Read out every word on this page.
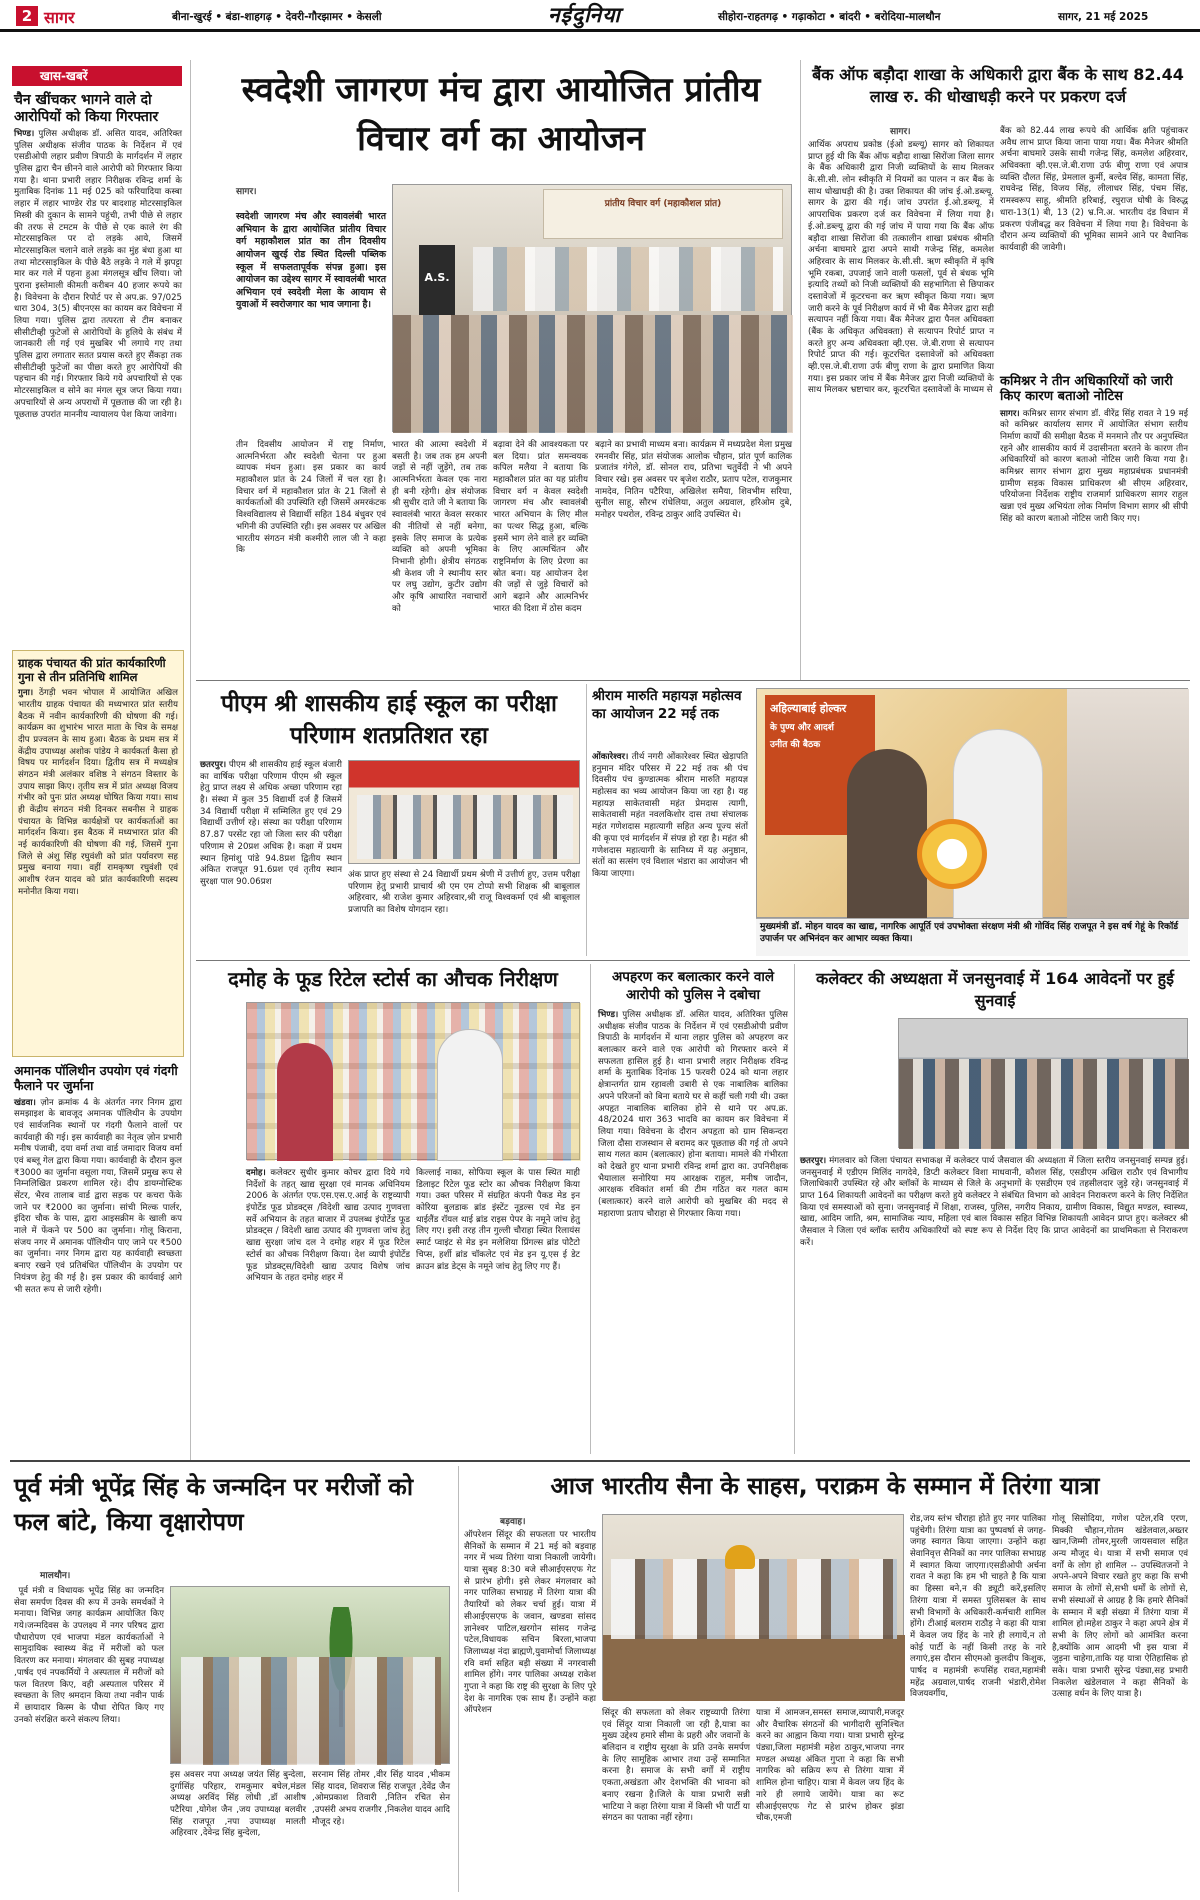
2 सागर	बीना-खुरई • बंडा-शाहगढ़ • देवरी-गौरझामर • केसली	नईदुनिया	सीहोरा-राहतगढ़ • गढ़ाकोटा • बांदरी • बरोदिया-मालथौन	सागर, 21 मई 2025
खास-खबरें
चैन खींचकर भागने वाले दो आरोपियों को किया गिरफ्तार
भिण्ड। पुलिस अधीक्षक डॉ. असित यादव, अतिरिक्त पुलिस अधीक्षक संजीव पाठक के निर्देशन में एवं एसडीओपी लहार प्रवीण त्रिपाठी के मार्गदर्शन में लहार पुलिस द्वारा चैन छीनने वाले आरोपी को गिरफ्तार किया गया है। थाना प्रभारी लहार निरीक्षक रविन्द्र शर्मा के मुताबिक दिनांक 11 मई 025 को फरियादिया कस्बा लहार में लहार भाण्डेर रोड पर बादशाह मोटरसाइकिल मिस्त्री की दुकान के सामने पहुंची, तभी पीछे से लहार की तरफ से टमटम के पीछे से एक काले रंग की मोटरसाइकिल पर दो लड़के आये, जिसमें मोटरसाइकिल चलाने वाले लड़के का मुंह बंधा हुआ था तथा मोटरसाइकिल के पीछे बैठे लड़के ने गले में झपट्टा मार कर गले में पहना हुआ मंगलसूत्र खींच लिया। जो पुराना इस्तेमाली कीमती करीबन 40 हजार रूपये का है। विवेचना के दौरान रिपोर्ट पर से अप.क्र. 97/025 धारा 304, 3(5) बीएनएस का कायम कर विवेचना में लिया गया। पुलिस द्वारा तत्परता से टीम बनाकर सीसीटीव्ही फुटेजों से आरोपियों के हुलिये के संबंध में जानकारी ली गई एवं मुखबिर भी लगाये गए तथा पुलिस द्वारा लगातार सतत प्रयास करते हुए सैंकड़ा तक सीसीटीव्ही फुटेजों का पीछा करते हुए आरोपियों की पहचान की गई। गिरफ्तार किये गये अपचारियों से एक मोटरसाइकिल व सोने का मंगल सूत्र जप्त किया गया। अपचारियों से अन्य अपराधों में पूछताछ की जा रही है। पूछताछ उपरांत माननीय न्यायालय पेश किया जावेगा।
ग्राहक पंचायत की प्रांत कार्यकारिणी गुना से तीन प्रतिनिधि शामिल
गुना। ठेंगड़ी भवन भोपाल में आयोजित अखिल भारतीय ग्राहक पंचायत की मध्यभारत प्रांत स्तरीय बैठक में नवीन कार्यकारिणी की घोषणा की गई। कार्यक्रम का शुभारंभ भारत माता के चित्र के समक्ष दीप प्रज्वलन के साथ हुआ। बैठक के प्रथम सत्र में केंद्रीय उपाध्यक्ष अशोक पांडेय ने कार्यकर्ता कैसा हो विषय पर मार्गदर्शन दिया। द्वितीय सत्र में मध्यक्षेत्र संगठन मंत्री अलंकार वशिष्ठ ने संगठन विस्तार के उपाय साझा किए। तृतीय सत्र में प्रांत अध्यक्ष विजय गंभीर को पुनः प्रांत अध्यक्ष घोषित किया गया। साथ ही केंद्रीय संगठन मंत्री दिनकर सबनीस ने ग्राहक पंचायत के विभिन्न कार्यक्षेत्रों पर कार्यकर्ताओं का मार्गदर्शन किया। इस बैठक में मध्यभारत प्रांत की नई कार्यकारिणी की घोषणा की गई, जिसमें गुना जिले से अंशु सिंह रघुवंशी को प्रांत पर्यावरण सह प्रमुख बनाया गया। वहीं रामकृष्ण रघुवंशी एवं आशीष रंजन यादव को प्रांत कार्यकारिणी सदस्य मनोनीत किया गया।
अमानक पॉलिथीन उपयोग एवं गंदगी फैलाने पर जुर्माना
खंडवा। ज़ोन क्रमांक 4 के अंतर्गत नगर निगम द्वारा समझाइश के बावजूद अमानक पॉलिथीन के उपयोग एवं सार्वजनिक स्थानों पर गंदगी फैलाने वालों पर कार्यवाही की गई। इस कार्यवाही का नेतृत्व ज़ोन प्रभारी मनीष पंजाबी, दया वर्मा तथा वार्ड जमादार विजय वर्मा एवं बब्लू गेल द्वारा किया गया। कार्यवाही के दौरान कुल ₹3000 का जुर्माना वसूला गया, जिसमें प्रमुख रूप से निम्नलिखित प्रकरण शामिल रहे। दीप डायग्नोस्टिक सेंटर, भैरव तालाब वार्ड द्वारा सड़क पर कचरा फेंके जाने पर ₹2000 का जुर्माना। सांची मिल्क पार्लर, इंदिरा चौक के पास, द्वारा आइसक्रीम के खाली कप नाले में फेंकने पर 500 का जुर्माना। गोलू किराना, संजय नगर में अमानक पॉलिथीन पाए जाने पर ₹500 का जुर्माना। नगर निगम द्वारा यह कार्यवाही स्वच्छता बनाए रखने एवं प्रतिबंधित पॉलिथीन के उपयोग पर नियंत्रण हेतु की गई है। इस प्रकार की कार्यवाई आगे भी सतत रूप से जारी रहेगी।
स्वदेशी जागरण मंच द्वारा आयोजित प्रांतीय विचार वर्ग का आयोजन
सागर।
स्वदेशी जागरण मंच और स्वावलंबी भारत अभियान के द्वारा आयोजित प्रांतीय विचार वर्ग महाकौशल प्रांत का तीन दिवसीय आयोजन खुरई रोड स्थित दिल्ली पब्लिक स्कूल में सफलतापूर्वक संपन्न हुआ। इस आयोजन का उद्देश्य सागर में स्वावलंबी भारत अभियान एवं स्वदेशी मेला के आयाम से युवाओं में स्वरोजगार का भाव जगाना है।
प्रांतीय विचार वर्ग (महाकौशल प्रांत)
A.S.
तीन दिवसीय आयोजन में राष्ट्र निर्माण, आत्मनिर्भरता और स्वदेशी चेतना पर हुआ व्यापक मंथन हुआ। इस प्रकार का कार्य महाकौशल प्रांत के 24 जिलों में चल रहा है। विचार वर्ग में महाकौशल प्रांत के 21 जिलों से कार्यकर्ताओं की उपस्थिति रही जिसमें अमरकंटक विश्वविद्यालय से विद्यार्थी सहित 184 बंधुवर एवं भगिनी की उपस्थिति रही। इस अवसर पर अखिल भारतीय संगठन मंत्री कश्मीरी लाल जी ने कहा कि
भारत की आत्मा स्वदेशी में बसती है। जब तक हम अपनी जड़ों से नहीं जुड़ेंगे, तब तक आत्मनिर्भरता केवल एक नारा ही बनी रहेगी। क्षेत्र संयोजक श्री सुधीर दाते जी ने बताया कि स्वावलंबी भारत केवल सरकार की नीतियों से नहीं बनेगा, इसके लिए समाज के प्रत्येक व्यक्ति को अपनी भूमिका निभानी होगी। क्षेत्रीय संगठक श्री केशव जी ने स्थानीय स्तर पर लघु उद्योग, कुटीर उद्योग और कृषि आधारित नवाचारों को
बढ़ावा देने की आवश्यकता पर बल दिया। प्रांत समन्वयक कपिल मलैया ने बताया कि महाकौशल प्रांत का यह प्रांतीय विचार वर्ग न केवल स्वदेशी जागरण मंच और स्वावलंबी भारत अभियान के लिए मील का पत्थर सिद्ध हुआ, बल्कि इसमें भाग लेने वाले हर व्यक्ति के लिए आत्मचिंतन और राष्ट्रनिर्माण के लिए प्रेरणा का स्रोत बना। यह आयोजन देश की जड़ों से जुड़े विचारों को आगे बढ़ाने और आत्मनिर्भर भारत की दिशा में ठोस कदम
बढ़ाने का प्रभावी माध्यम बना। कार्यक्रम में मध्यप्रदेश मेला प्रमुख रमनवीर सिंह, प्रांत संयोजक आलोक चौहान, प्रांत पूर्ण कालिक प्रजातंत्र गंगेले, डॉ. सोनल राय, प्रतिभा चतुर्वेदी ने भी अपने विचार रखे। इस अवसर पर बृजेश राठौर, प्रताप पटेल, राजकुमार नामदेव, नितिन पटैरिया, अखिलेश समैया, शिवभीम सरिया, सुनील साहू, सौरभ रांधेलिया, अतुल अग्रवाल, हरिओम दुबे, मनोहर पथरोल, रविन्द्र ठाकुर आदि उपस्थित थे।
बैंक ऑफ बड़ौदा शाखा के अधिकारी द्वारा बैंक के साथ 82.44 लाख रु. की धोखाधड़ी करने पर प्रकरण दर्ज
सागर।
आर्थिक अपराध प्रकोष्ठ (ईओ डब्ल्यू) सागर को शिकायत प्राप्त हुई थी कि बैंक ऑफ बड़ौदा शाखा सिरोंजा जिला सागर के बैंक अधिकारी द्वारा निजी व्यक्तियों के साथ मिलकर के.सी.सी. लोन स्वीकृति में नियमों का पालन न कर बैंक के साथ धोखाधड़ी की है। उक्त शिकायत की जांच ई.ओ.डब्ल्यू. सागर के द्वारा की गई। जांच उपरांत ई.ओ.डब्ल्यू. में आपराधिक प्रकरण दर्ज कर विवेचना में लिया गया है। ई.ओ.डब्ल्यू द्वारा की गई जांच में पाया गया कि बैंक ऑफ बड़ौदा शाखा सिरोंजा की तत्कालीन शाखा प्रबंधक श्रीमति अर्चना बाघमारे द्वारा अपने साथी गजेन्द्र सिंह, कमलेश अहिरवार के साथ मिलकर के.सी.सी. ऋण स्वीकृति में कृषि भूमि रकबा, उपजाई जाने वाली फसलों, पूर्व से बंधक भूमि इत्यादि तथ्यों को निजी व्यक्तियों की सहभागिता से छिपाकर दस्तावेजों में कूटरचना कर ऋण स्वीकृत किया गया। ऋण जारी करने के पूर्व निरीक्षण कार्य में भी बैंक मैनेजर द्वारा सही सत्यापन नहीं किया गया। बैंक मैनेजर द्वारा पैनल अधिवक्ता (बैंक के अधिकृत अधिवक्ता) से सत्यापन रिपोर्ट प्राप्त न करते हुए अन्य अधिवक्ता व्ही.एस. जे.बी.राणा से सत्यापन रिपोर्ट प्राप्त की गई। कूटरचित दस्तावेजों को अधिवक्ता व्ही.एस.जे.बी.राणा उर्फ बीणु राणा के द्वारा प्रमाणित किया गया। इस प्रकार जांच में बैंक मैनेजर द्वारा निजी व्यक्तियों के साथ मिलकर भ्रष्टाचार कर, कूटरचित दस्तावेजों के माध्यम से
बैंक को 82.44 लाख रूपये की आर्थिक क्षति पहुंचाकर अवैध लाभ प्राप्त किया जाना पाया गया। बैंक मैनेजर श्रीमति अर्चना बाघमारे उसके साथी गजेन्द्र सिंह, कमलेश अहिरवार, अधिवक्ता व्ही.एस.जे.बी.राणा उर्फ बीणु राणा एवं अपात्र व्यक्ति दौलत सिंह, प्रेमलाल कुर्मी, बल्देव सिंह, कामता सिंह, राघवेन्द्र सिंह, विजय सिंह, लीलाधर सिंह, पंचम सिंह, रामस्वरूप साहू, श्रीमति हरिबाई, रघुराज घोषी के विरुद्ध धारा-13(1) बी, 13 (2) भ्र.नि.अ. भारतीय दंड विधान में प्रकरण पंजीबद्ध कर विवेचना में लिया गया है। विवेचना के दौरान अन्य व्यक्तियों की भूमिका सामने आने पर वैधानिक कार्यवाही की जावेगी।
कमिश्नर ने तीन अधिकारियों को जारी किए कारण बताओ नोटिस
सागर। कमिश्नर सागर संभाग डॉ. वीरेंद्र सिंह रावत ने 19 मई को कमिश्नर कार्यालय सागर में आयोजित संभाग स्तरीय निर्माण कार्यों की समीक्षा बैठक में मनमाने तौर पर अनुपस्थित रहने और शासकीय कार्य में उदासीनता बरतने के कारण तीन अधिकारियों को कारण बताओ नोटिस जारी किया गया है। कमिश्नर सागर संभाग द्वारा मुख्य महाप्रबंधक प्रधानमंत्री ग्रामीण सड़क विकास प्राधिकरण श्री सीएम अहिरवार, परियोजना निर्देशक राष्ट्रीय राजमार्ग प्राधिकरण सागर राहुल खन्ना एवं मुख्य अभियंता लोक निर्माण विभाग सागर श्री सीपी सिंह को कारण बताओ नोटिस जारी किए गए।
पीएम श्री शासकीय हाई स्कूल का परीक्षा परिणाम शतप्रतिशत रहा
छतरपुर। पीएम श्री शासकीय हाई स्कूल बंजारी का वार्षिक परीक्षा परिणाम पीएम श्री स्कूल हेतु प्राप्त लक्ष्य से अधिक अच्छा परिणाम रहा है। संस्था में कुल 35 विद्यार्थी दर्ज हैं जिसमें 34 विद्यार्थी परीक्षा में सम्मिलित हुए एवं 29 विद्यार्थी उत्तीर्ण रहे। संस्था का परीक्षा परिणाम 87.87 परसेंट रहा जो जिला स्तर की परीक्षा परिणाम से 20प्रश अधिक है। कक्षा में प्रथम स्थान हिमांशु पांडे 94.8प्रश द्वितीय स्थान अंकित राजपूत 91.6प्रश एवं तृतीय स्थान सुरक्षा पाल 90.06प्रश
अंक प्राप्त हुए संस्था से 24 विद्यार्थी प्रथम श्रेणी में उत्तीर्ण हुए, उत्तम परीक्षा परिणाम हेतु प्रभारी प्राचार्य श्री एम एम टोप्पो सभी शिक्षक श्री बाबूलाल अहिरवार, श्री राजेश कुमार अहिरवार,श्री राजू विश्वकर्मा एवं श्री बाबूलाल प्रजापति का विशेष योगदान रहा।
श्रीराम मारुति महायज्ञ महोत्सव का आयोजन 22 मई तक
ओंकारेश्वर। तीर्थ नगरी ओंकारेश्वर स्थित खेड़ापति हनुमान मंदिर परिसर में 22 मई तक श्री पंच दिवसीय पंच कुण्डात्मक श्रीराम मारुति महायज्ञ महोत्सव का भव्य आयोजन किया जा रहा है। यह महायज्ञ साकेतवासी महंत प्रेमदास त्यागी, साकेतवासी महंत नवलकिशोर दास तथा संचालक महंत गणेशदास महात्यागी सहित अन्य पूज्य संतों की कृपा एवं मार्गदर्शन में संपन्न हो रहा है। महंत श्री गणेशदास महात्यागी के सानिध्य में यह अनुष्ठान, संतों का सत्संग एवं विशाल भंडारा का आयोजन भी किया जाएगा।
अहिल्याबाई होल्कर
के पुण्य और आदर्श
उनीत की बैठक
मुख्यमंत्री डॉ. मोहन यादव का खाद्य, नागरिक आपूर्ति एवं उपभोक्ता संरक्षण मंत्री श्री गोविंद सिंह राजपूत ने इस वर्ष गेहूं के रिकॉर्ड उपार्जन पर अभिनंदन कर आभार व्यक्त किया।
दमोह के फूड रिटेल स्टोर्स का औचक निरीक्षण
दमोह। कलेक्टर सुधीर कुमार कोचर द्वारा दिये गये निर्देशों के तहत् खाद्य सुरक्षा एवं मानक अधिनियम 2006 के अंतर्गत एफ.एस.एस.ए.आई के राष्ट्रव्यापी इंपोर्टेड फूड प्रोडक्ट्स /विदेशी खाद्य उत्पाद गुणवत्ता सर्वे अभियान के तहत बाजार में उपलब्ध इंपोर्टेड फूड प्रोडक्ट्स / विदेशी खाद्य उत्पाद की गुणवत्ता जांच हेतु खाद्य सुरक्षा जांच दल ने दमोह शहर में फूड रिटेल स्टोर्स का औचक निरीक्षण किया। देश व्यापी इंपोर्टेड फूड प्रोडक्ट्स/विदेशी खाद्य उत्पाद विशेष जांच अभियान के तहत दमोह शहर में
किल्लाई नाका, सोफिया स्कूल के पास स्थित माही डिलाइट रिटेल फूड स्टोर का औचक निरीक्षण किया गया। उक्त परिसर में संग्रहित कंपनी पैकड मेड इन कोरिया बुलडाक ब्रांड इंस्टेंट नूडल्स एवं मेड इन थाईलैंड रॉयल थाई ब्रांड राइस पेपर के नमूने जांच हेतु लिए गए। इसी तरह तीन गुल्ली चौराहा स्थित रिलायंस स्मार्ट प्वाइंट से मेड इन मलेशिया प्रिंगल्स ब्रांड पोटैटो चिप्स, हर्शी ब्रांड चॉकलेट एवं मेड इन यू.एस ई डेट क्राउन ब्रांड डेट्स के नमूने जांच हेतु लिए गए हैं।
अपहरण कर बलात्कार करने वाले आरोपी को पुलिस ने दबोचा
भिण्ड। पुलिस अधीक्षक डॉ. असित यादव, अतिरिक्त पुलिस अधीक्षक संजीव पाठक के निर्देशन में एवं एसडीओपी प्रवीण त्रिपाठी के मार्गदर्शन में थाना लहार पुलिस को अपहरण कर बलात्कार करने वाले एक आरोपी को गिरफ्तार करने में सफलता हासिल हुई है। थाना प्रभारी लहार निरीक्षक रविन्द्र शर्मा के मुताबिक दिनांक 15 फरवरी 024 को थाना लहार क्षेत्रान्तर्गत ग्राम रहावली उबारी से एक नाबालिक बालिका अपने परिजनों को बिना बताये घर से कहीं चली गयी थी। उक्त अपहृत नाबालिक बालिका होने से थाने पर अप.क्र. 48/2024 धारा 363 भादवि का कायम कर विवेचना में लिया गया। विवेचना के दौरान अपहृता को ग्राम सिकन्दरा जिला दौसा राजस्थान से बरामद कर पूछताछ की गई तो अपने साथ गलत काम (बलात्कार) होना बताया। मामले की गंभीरता को देखते हुए थाना प्रभारी रविन्द्र शर्मा द्वारा का. उपनिरीक्षक भैयालाल सनोरिया मय आरक्षक राहुल, मनीष जादौन, आरक्षक रविकांत शर्मा की टीम गठित कर गलत काम (बलात्कार) करने वाले आरोपी को मुखबिर की मदद से महाराणा प्रताप चौराहा से गिरफ्तार किया गया।
कलेक्टर की अध्यक्षता में जनसुनवाई में 164 आवेदनों पर हुई सुनवाई
छतरपुर। मंगलवार को जिला पंचायत सभाकक्ष में कलेक्टर पार्थ जैसवाल की अध्यक्षता में जिला स्तरीय जनसुनवाई सम्पन्न हुई। जनसुनवाई में एडीएम मिलिंद नागदेवे, डिप्टी कलेक्टर विशा माधवानी, कौशल सिंह, एसडीएम अखिल राठौर एवं विभागीय जिलाधिकारी उपस्थित रहे और ब्लॉकों के माध्यम से जिले के अनुभागों के एसडीएम एवं तहसीलदार जुड़े रहे। जनसुनवाई में प्राप्त 164 शिकायती आवेदनों का परीक्षण करते हुये कलेक्टर ने संबंधित विभाग को आवेदन निराकरण करने के लिए निर्देशित किया एवं समस्याओं को सुना। जनसुनवाई में शिक्षा, राजस्व, पुलिस, नगरीय निकाय, ग्रामीण विकास, विद्युत मण्डल, स्वास्थ्य, खाद्य, आदिम जाति, श्रम, सामाजिक न्याय, महिला एवं बाल विकास सहित विभिन्न शिकायती आवेदन प्राप्त हुए। कलेक्टर श्री जैसवाल ने जिला एवं ब्लॉक स्तरीय अधिकारियों को स्पष्ट रूप से निर्देश दिए कि प्राप्त आवेदनों का प्राथमिकता से निराकरण करें।
पूर्व मंत्री भूपेंद्र सिंह के जन्मदिन पर मरीजों को फल बांटे, किया वृक्षारोपण
मालथौन।
पूर्व मंत्री व विधायक भूपेंद्र सिंह का जन्मदिन सेवा समर्पण दिवस की रूप में उनके समर्थकों ने मनाया। विभिन्न जगह कार्यक्रम आयोजित किए गये।जन्मदिवस के उपलक्ष्य में नगर परिषद द्वारा पौधारोपण एवं भाजपा मंडल कार्यकर्ताओं ने सामुदायिक स्वास्थ्य केंद्र में मरीजों को फल वितरण कर मनाया। मंगलवार की सुबह नपाध्यक्ष ,पार्षद एवं नपकर्मियों ने अस्पताल में मरीजों को फल वितरण किए, वही अस्पताल परिसर में स्वच्छता के लिए श्रमदान किया तथा नवीन पार्क में छायादार किस्म के पौधा रोपित किए गए उनको संरक्षित करने संकल्प लिया।
इस अवसर नपा अध्यक्ष जयंत सिंह बुन्देला, दुर्गासिंह परिहार, रामकुमार बघेल,मंडल अध्यक्ष अरविंद सिंह लोधी ,डॉ आशीष पटैरिया ,योगेश जैन ,जय उपाध्यक्ष बलवीर सिंह राजपूत ,नपा उपाध्यक्ष मालती अहिरवार ,देवेन्द्र सिंह बुन्देला,
सरनाम सिंह तोमर ,वीर सिंह यादव ,भीकम सिंह यादव, शिवराज सिंह राजपूत ,देवेंद्र जैन ,ओमप्रकाश तिवारी ,नितिन रचित सेन ,उपसंरी अभय राजगीर ,निकलेश यादव आदि मौजूद रहे।
आज भारतीय सैना के साहस, पराक्रम के सम्मान में तिरंगा यात्रा
बड़वाह।
ऑपरेशन सिंदूर की सफलता पर भारतीय सैनिकों के सम्मान में 21 मई को बड़वाह नगर में भव्य तिरंगा यात्रा निकाली जायेगी। यात्रा सुबह 8:30 बजे सीआईएसएफ गेट से प्रारंभ होगी। इसे लेकर मंगलवार को नगर पालिका सभाग्रह में तिरंगा यात्रा की तैयारियों को लेकर चर्चा हुई। यात्रा में सीआईएसएफ के जवान, खण्डवा सांसद ज्ञानेश्वर पाटिल,खरगोन सांसद गजेन्द्र पटेल,विधायक सचिन बिरला,भाजपा जिलाध्यक्ष नंदा ब्राह्मणे,युवामोर्चा जिलाध्यक्ष रवि वर्मा सहित बड़ी संख्या में नगरवासी शामिल होंगे। नगर पालिका अध्यक्ष राकेश गुप्ता ने कहा कि राष्ट्र की सुरक्षा के लिए पूरे देश के नागरिक एक साथ हैं। उन्होंने कहा ऑपरेशन	सिंदूर की सफलता को लेकर राष्ट्रव्यापी तिरंगा एवं सिंदूर यात्रा निकाली जा रही है,यात्रा का मुख्य उद्देश्य हमारे सीमा के प्रहरी और जवानों के बलिदान व राष्ट्रीय सुरक्षा के प्रति उनके समर्पण के लिए सामूहिक आभार तथा उन्हें सम्मानित करना है। समाज के सभी वर्गों में राष्ट्रीय एकता,अखंडता और देशभक्ति की भावना को बनाए रखना है।जिले के यात्रा प्रभारी सन्नी भाटिया ने कहा तिरंगा यात्रा में किसी भी पार्टी या संगठन का पताका नहीं रहेगा।
यात्रा में आमजन,समस्त समाज,व्यापारी,मजदूर और वैचारिक संगठनों की भागीदारी सुनिश्चित करने का आह्वान किया गया। यात्रा प्रभारी सुरेन्द्र पंड्या,जिला महामंत्री महेश ठाकुर,भाजपा नगर मण्डल अध्यक्ष अंकित गुप्ता ने कहा कि सभी नागरिक को सक्रिय रूप से तिरंगा यात्रा में शामिल होना चाहिए। यात्रा में केवल जय हिंद के नारे ही लगाये जायेंगे। यात्रा का रूट सीआईएसएफ गेट से प्रारंभ होकर झंडा चौक,एमजी
रोड,जय स्तंभ चौराहा होते हुए नगर पालिका पहुंचेगी। तिरंगा यात्रा का पुष्पवर्षा से जगह-जगह स्वागत किया जाएगा। उन्होंने कहा सेवानिवृत्त सैनिकों का नगर पालिका सभाग्रह में स्वागत किया जाएगा।एसडीओपी अर्चना रावत ने कहा कि हम भी चाहते है कि यात्रा का हिस्सा बने,न की ड्यूटी करें,इसलिए तिरंगा यात्रा में समस्त पुलिसबल के साथ सभी विभागों के अधिकारी-कर्मचारी शामिल होंगे। टीआई बलराम राठौड़ ने कहा की यात्रा में केवल जय हिंद के नारे ही लगायें,न तो कोई पार्टी के नहीं किसी तरह के नारे लगाएं,इस दौरान सीएमओ कुलदीप किशुक, पार्षद व महामंत्री रूपसिंह रावत,महामंत्री महेंद्र अग्रवाल,पार्षद राजनी भंडारी,रोमेश विजयवर्गीय,
गोलू सिसोदिया, गणेश पटेल,रवि एरण, मिक्की चौहान,गोतम खंडेलवाल,अख्तर खान,जिम्मी तोमर,मुरली जायसवाल सहित अन्य मौजूद थे। यात्रा में सभी समाज एवं वर्गों के लोग हो शामिल -- उपस्थितजनों ने अपने-अपने विचार रखते हुए कहा कि सभी समाज के लोगों से,सभी धर्मों के लोगों से, सभी संस्थाओं से आग्रह है कि हमारे सैनिकों के सम्मान में बड़ी संख्या में तिरंगा यात्रा में शामिल हो।महेश ठाकुर ने कहा अपने क्षेत्र में सभी के लिए लोगों को आमंत्रित करना है,क्योंकि आम आदमी भी इस यात्रा में जुड़ना चाहेगा,ताकि यह यात्रा ऐतिहासिक हो सके। यात्रा प्रभारी सुरेन्द्र पंड्या,सह प्रभारी निकलेश खंडेलवाल ने कहा सैनिकों के उत्साह वर्धन के लिए यात्रा है।
